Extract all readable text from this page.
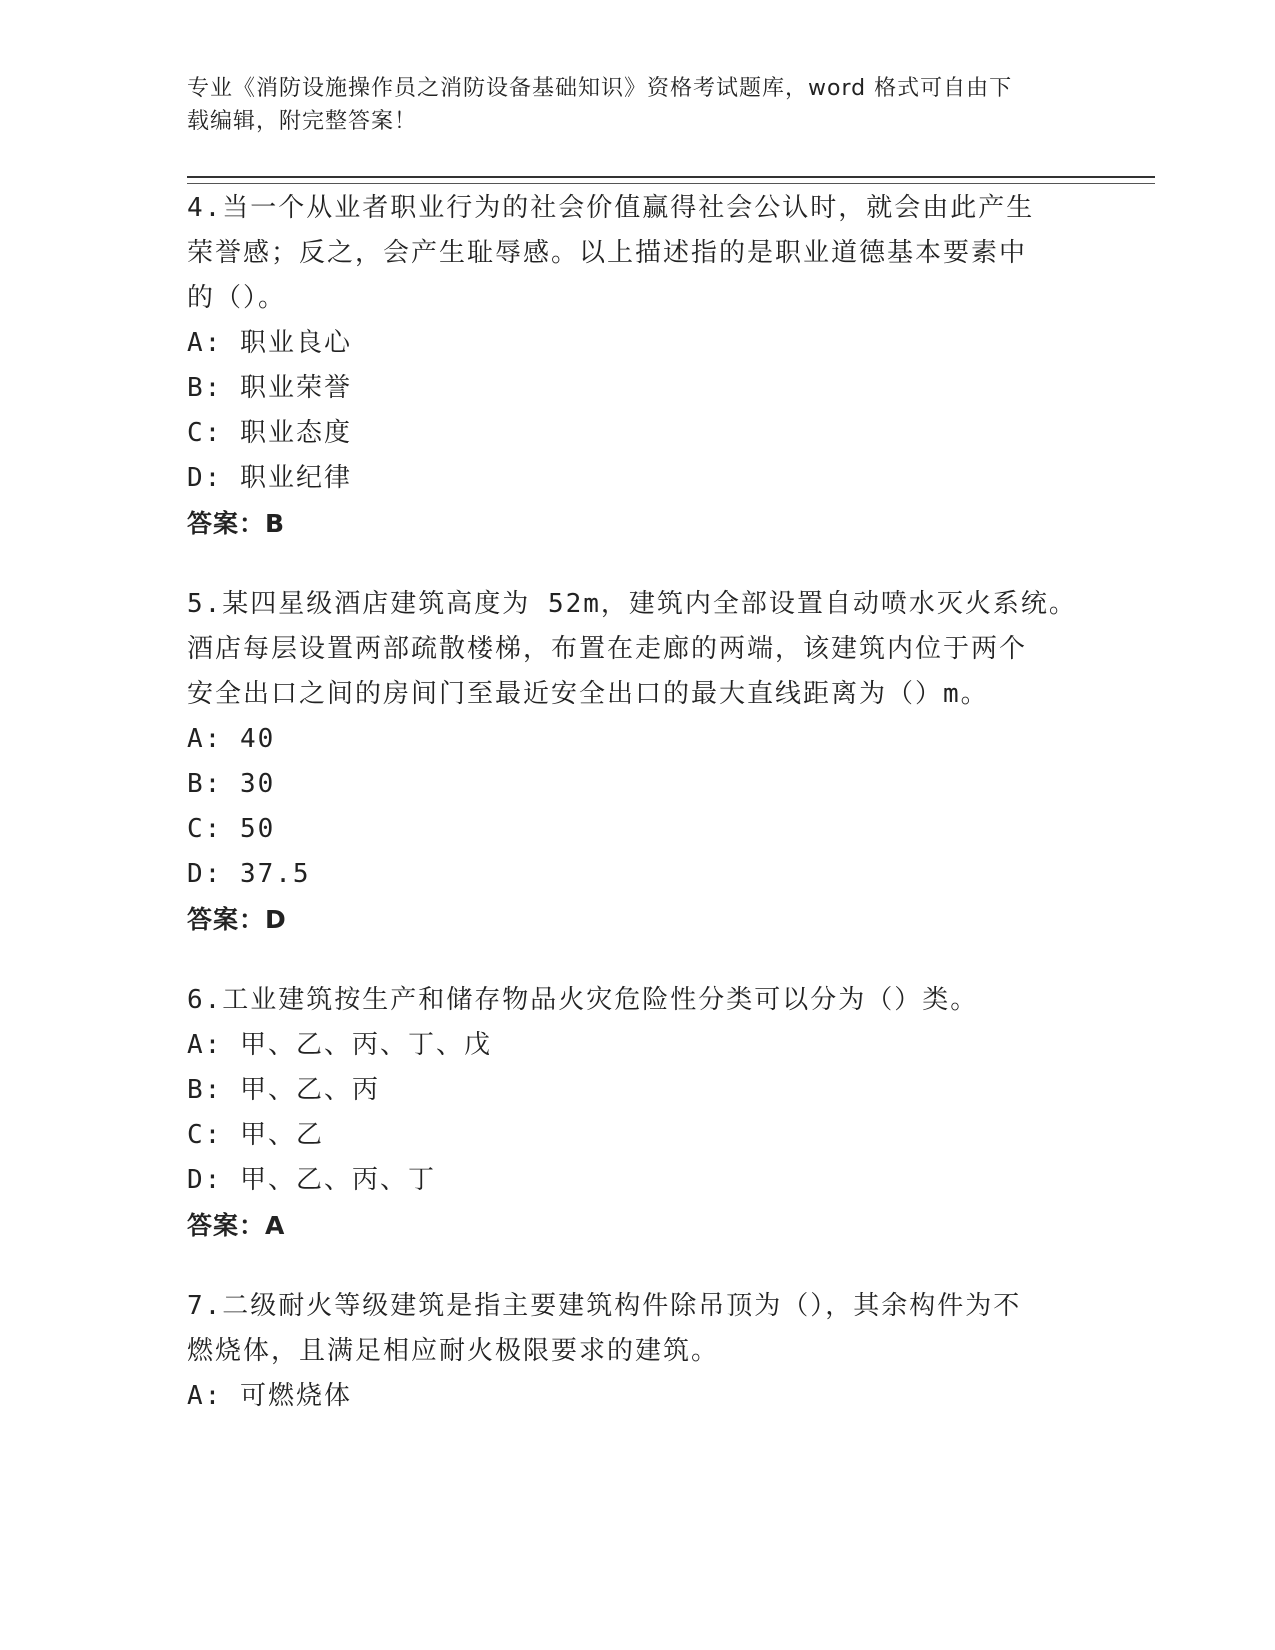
专业《消防设施操作员之消防设备基础知识》资格考试题库，word 格式可自由下
载编辑，附完整答案！

4.当一个从业者职业行为的社会价值赢得社会公认时，就会由此产生

荣誉感；反之，会产生耻辱感。以上描述指的是职业道德基本要素中

的（）。

A: 职业良心

B: 职业荣誉

C: 职业态度

D: 职业纪律

答案：B

5.某四星级酒店建筑高度为 52m，建筑内全部设置自动喷水灭火系统。

酒店每层设置两部疏散楼梯，布置在走廊的两端，该建筑内位于两个

安全出口之间的房间门至最近安全出口的最大直线距离为（）m。

A: 40

B: 30

C: 50

D: 37.5

答案：D

6.工业建筑按生产和储存物品火灾危险性分类可以分为（）类。

A: 甲、乙、丙、丁、戊

B: 甲、乙、丙

C: 甲、乙

D: 甲、乙、丙、丁

答案：A

7.二级耐火等级建筑是指主要建筑构件除吊顶为（），其余构件为不

燃烧体，且满足相应耐火极限要求的建筑。

A: 可燃烧体
